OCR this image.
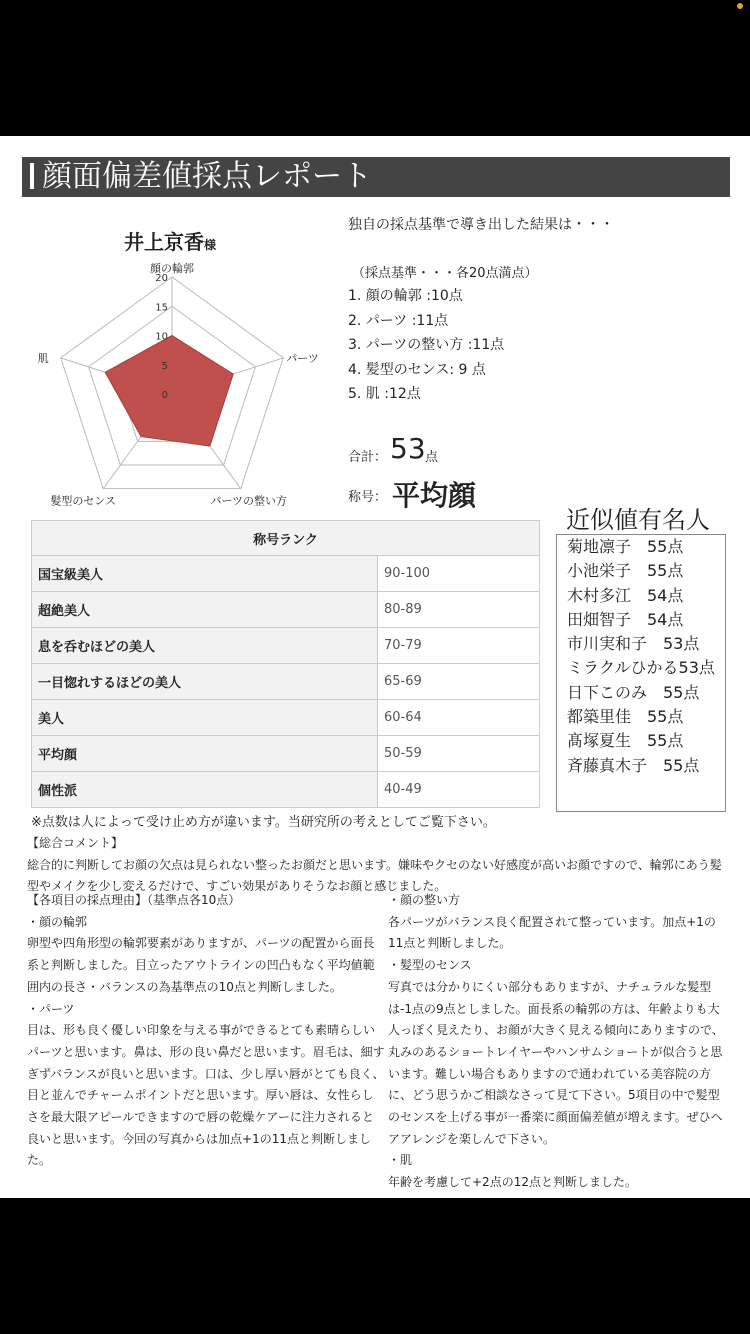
顔面偏差値採点レポート
井上京香様
0
5
10
15
20
顔の輪郭
パーツ
パーツの整い方
髪型のセンス
肌
独自の採点基準で導き出した結果は・・・
（採点基準・・・各20点満点）
1. 顔の輪郭 :10点
2. パーツ :11点
3. パーツの整い方 :11点
4. 髪型のセンス: 9 点
5. 肌 :12点
合計： 53 点
称号： 平均顔
称号ランク	
国宝級美人	90-100
超絶美人	80-89
息を呑むほどの美人	70-79
一目惚れするほどの美人	65-69
美人	60-64
平均顔	50-59
個性派	40-49
近似値有名人
菊地凛子　55点
小池栄子　55点
木村多江　54点
田畑智子　54点
市川実和子　53点
ミラクルひかる53点
日下このみ　55点
都築里佳　55点
髙塚夏生　55点
斉藤真木子　55点
※点数は人によって受け止め方が違います。当研究所の考えとしてご覧下さい。

【総合コメント】

総合的に判断してお顔の欠点は見られない整ったお顔だと思います。嫌味やクセのない好感度が高いお顔ですので、輪郭にあう髪型やメイクを少し変えるだけで、すごい効果がありそうなお顔と感じました。

【各項目の採点理由】（基準点各10点）

・顔の輪郭

卵型や四角形型の輪郭要素がありますが、パーツの配置から面長系と判断しました。目立ったアウトラインの凹凸もなく平均値範囲内の長さ・バランスの為基準点の10点と判断しました。

・パーツ

目は、形も良く優しい印象を与える事ができるとても素晴らしいパーツと思います。鼻は、形の良い鼻だと思います。眉毛は、細すぎずバランスが良いと思います。口は、少し厚い唇がとても良く、目と並んでチャームポイントだと思います。厚い唇は、女性らしさを最大限アピールできますので唇の乾燥ケアーに注力されると良いと思います。今回の写真からは加点+1の11点と判断しました。

・顔の整い方

各パーツがバランス良く配置されて整っています。加点+1の11点と判断しました。

・髪型のセンス

写真では分かりにくい部分もありますが、ナチュラルな髪型は-1点の9点としました。面長系の輪郭の方は、年齢よりも大人っぽく見えたり、お顔が大きく見える傾向にありますので、丸みのあるショートレイヤーやハンサムショートが似合うと思います。難しい場合もありますので通われている美容院の方に、どう思うかご相談なさって見て下さい。5項目の中で髪型のセンスを上げる事が一番楽に顔面偏差値が増えます。ぜひヘアアレンジを楽しんで下さい。

・肌

年齢を考慮して+2点の12点と判断しました。
